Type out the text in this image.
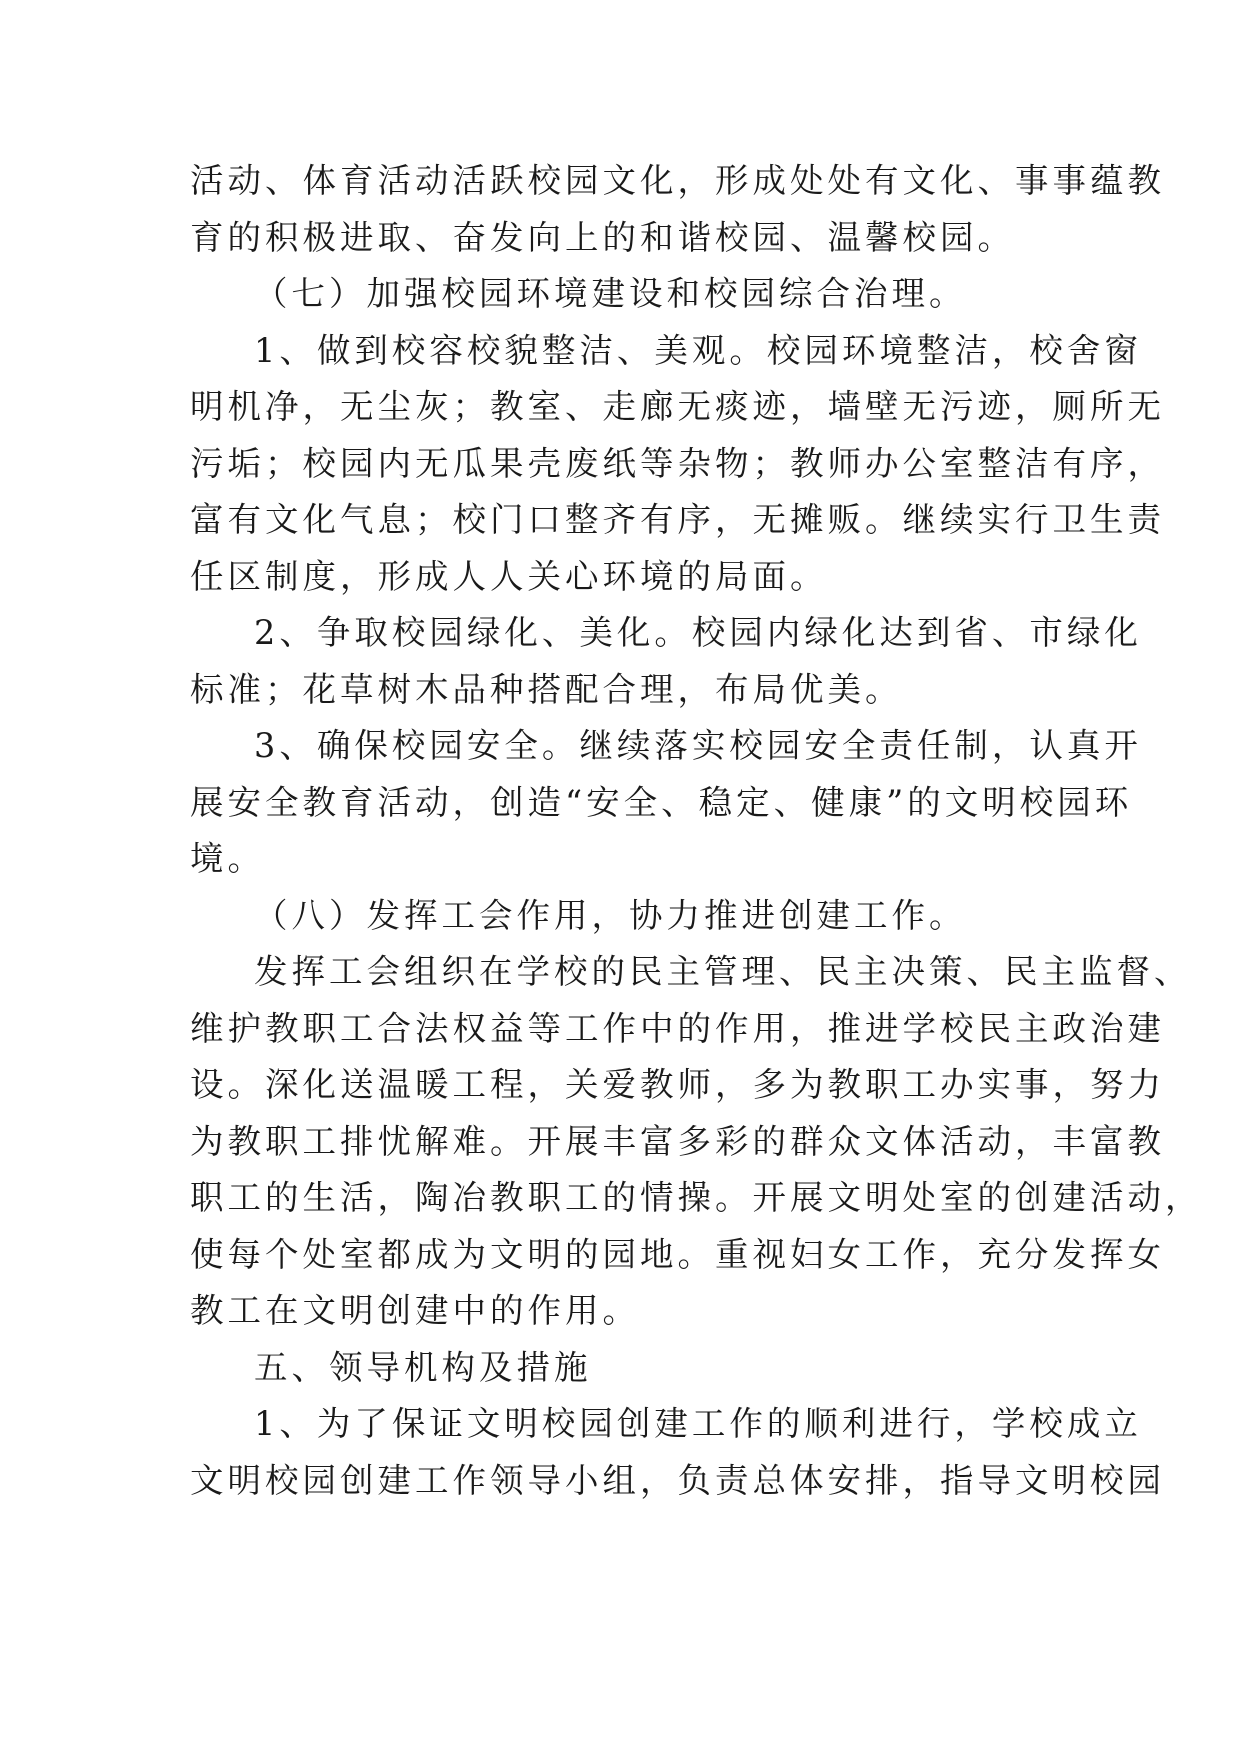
活动、体育活动活跃校园文化，形成处处有文化、事事蕴教
育的积极进取、奋发向上的和谐校园、温馨校园。
（七）加强校园环境建设和校园综合治理。
1、做到校容校貌整洁、美观。校园环境整洁，校舍窗
明机净，无尘灰；教室、走廊无痰迹，墙壁无污迹，厕所无
污垢；校园内无瓜果壳废纸等杂物；教师办公室整洁有序，
富有文化气息；校门口整齐有序，无摊贩。继续实行卫生责
任区制度，形成人人关心环境的局面。
2、争取校园绿化、美化。校园内绿化达到省、市绿化
标准；花草树木品种搭配合理，布局优美。
3、确保校园安全。继续落实校园安全责任制，认真开
展安全教育活动，创造“安全、稳定、健康”的文明校园环
境。
（八）发挥工会作用，协力推进创建工作。
发挥工会组织在学校的民主管理、民主决策、民主监督、
维护教职工合法权益等工作中的作用，推进学校民主政治建
设。深化送温暖工程，关爱教师，多为教职工办实事，努力
为教职工排忧解难。开展丰富多彩的群众文体活动，丰富教
职工的生活，陶冶教职工的情操。开展文明处室的创建活动，
使每个处室都成为文明的园地。重视妇女工作，充分发挥女
教工在文明创建中的作用。
五、领导机构及措施
1、为了保证文明校园创建工作的顺利进行，学校成立
文明校园创建工作领导小组，负责总体安排，指导文明校园
